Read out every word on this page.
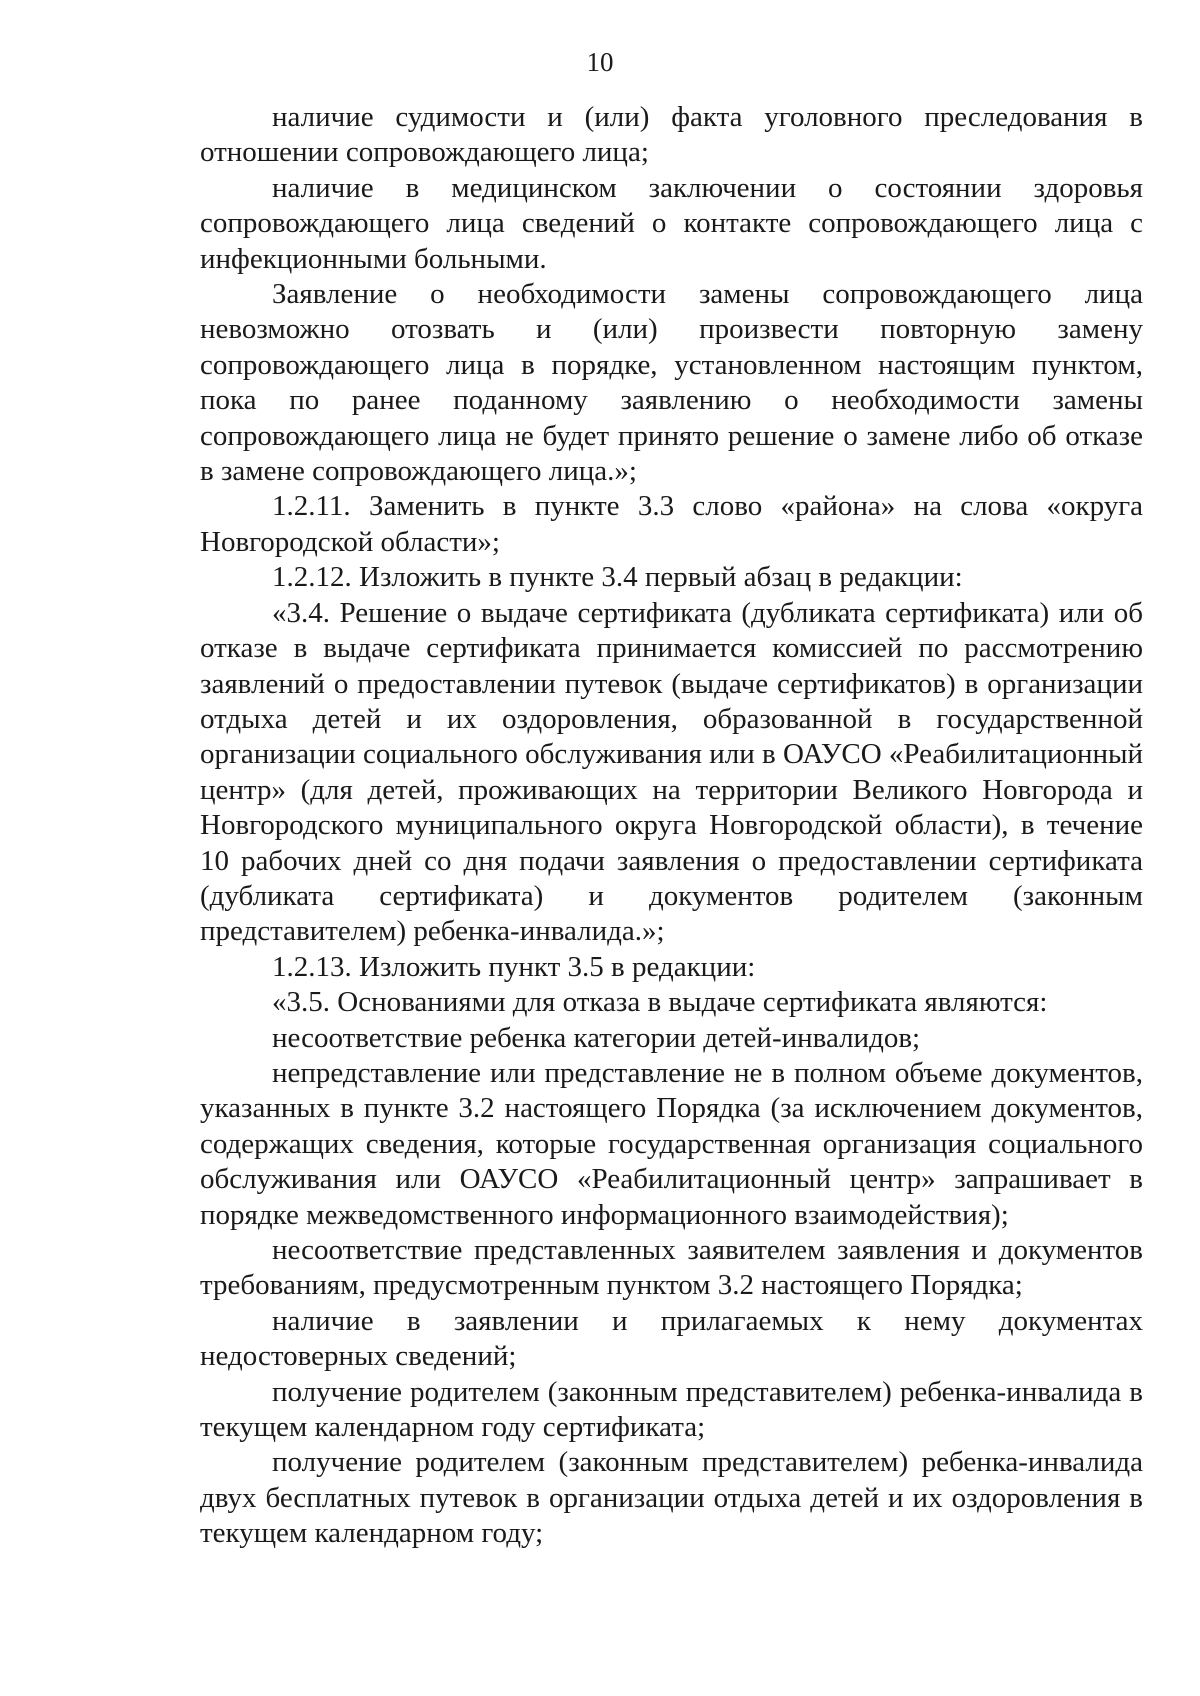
10

наличие судимости и (или) факта уголовного преследования в отношении сопровождающего лица;

наличие в медицинском заключении о состоянии здоровья сопровождающего лица сведений о контакте сопровождающего лица с инфекционными больными.

Заявление о необходимости замены сопровождающего лица невозможно отозвать и (или) произвести повторную замену сопровождающего лица в порядке, установленном настоящим пунктом, пока по ранее поданному заявлению о необходимости замены сопровождающего лица не будет принято решение о замене либо об отказе в замене сопровождающего лица.»;

1.2.11. Заменить в пункте 3.3 слово «района» на слова «округа Новгородской области»;

1.2.12. Изложить в пункте 3.4 первый абзац в редакции:

«3.4. Решение о выдаче сертификата (дубликата сертификата) или об отказе в выдаче сертификата принимается комиссией по рассмотрению заявлений о предоставлении путевок (выдаче сертификатов) в организации отдыха детей и их оздоровления, образованной в государственной организации социального обслуживания или в ОАУСО «Реабилитационный центр» (для детей, проживающих на территории Великого Новгорода и Новгородского муниципального округа Новгородской области), в течение 10 рабочих дней со дня подачи заявления о предоставлении сертификата (дубликата сертификата) и документов родителем (законным представителем) ребенка-инвалида.»;

1.2.13. Изложить пункт 3.5 в редакции:

«3.5. Основаниями для отказа в выдаче сертификата являются:

несоответствие ребенка категории детей-инвалидов;

непредставление или представление не в полном объеме документов, указанных в пункте 3.2 настоящего Порядка (за исключением документов, содержащих сведения, которые государственная организация социального обслуживания или ОАУСО «Реабилитационный центр» запрашивает в порядке межведомственного информационного взаимодействия);

несоответствие представленных заявителем заявления и документов требованиям, предусмотренным пунктом 3.2 настоящего Порядка;

наличие в заявлении и прилагаемых к нему документах недостоверных сведений;

получение родителем (законным представителем) ребенка-инвалида в текущем календарном году сертификата;

получение родителем (законным представителем) ребенка-инвалида двух бесплатных путевок в организации отдыха детей и их оздоровления в текущем календарном году;
